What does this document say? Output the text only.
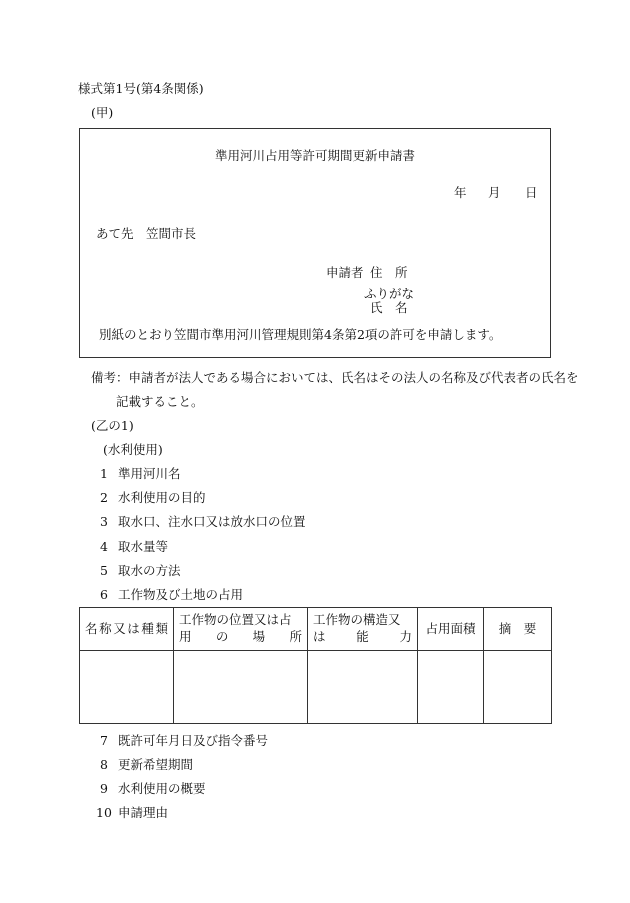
様式第1号(第4条関係)
(甲)
準用河川占用等許可期間更新申請書
年 月 日
あて先　笠間市長
申請者 住　所
ふりがな
氏　名
別紙のとおり笠間市準用河川管理規則第4条第2項の許可を申請します。
備考：申請者が法人である場合においては、氏名はその法人の名称及び代表者の氏名を
記載すること。
(乙の1)
(水利使用)
1 準用河川名
2 水利使用の目的
3 取水口、注水口又は放水口の位置
4 取水量等
5 取水の方法
6 工作物及び土地の占用
名称又は種類	工作物の位置又は占用の場所	工作物の構造又は能力	占用面積	摘　要

7 既許可年月日及び指令番号
8 更新希望期間
9 水利使用の概要
10 申請理由
